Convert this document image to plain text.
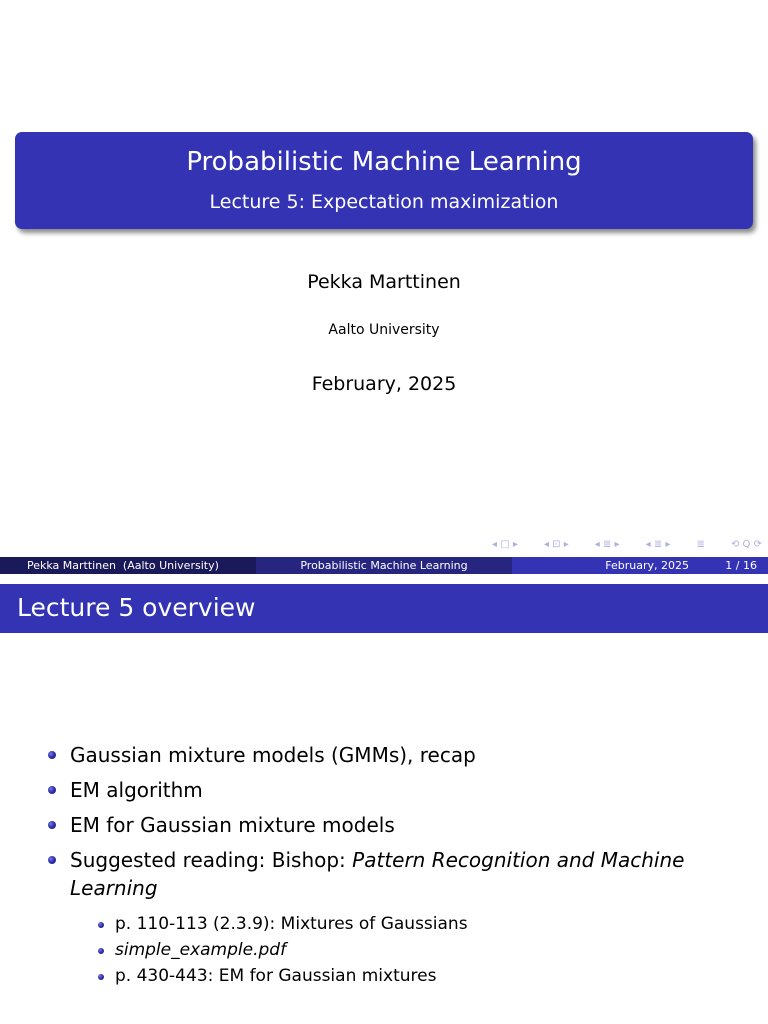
Probabilistic Machine Learning
Lecture 5: Expectation maximization
Pekka Marttinen
Aalto University
February, 2025
◂ □ ▸	◂ ⊡ ▸	◂ ≣ ▸	◂ ≣ ▸	≣	⟲ Q ⟳
Pekka Marttinen  (Aalto University)	Probabilistic Machine Learning	February, 2025	1 / 16
Lecture 5 overview
Gaussian mixture models (GMMs), recap
EM algorithm
EM for Gaussian mixture models
Suggested reading: Bishop: Pattern Recognition and Machine Learning
p. 110-113 (2.3.9): Mixtures of Gaussians
simple_example.pdf
p. 430-443: EM for Gaussian mixtures
